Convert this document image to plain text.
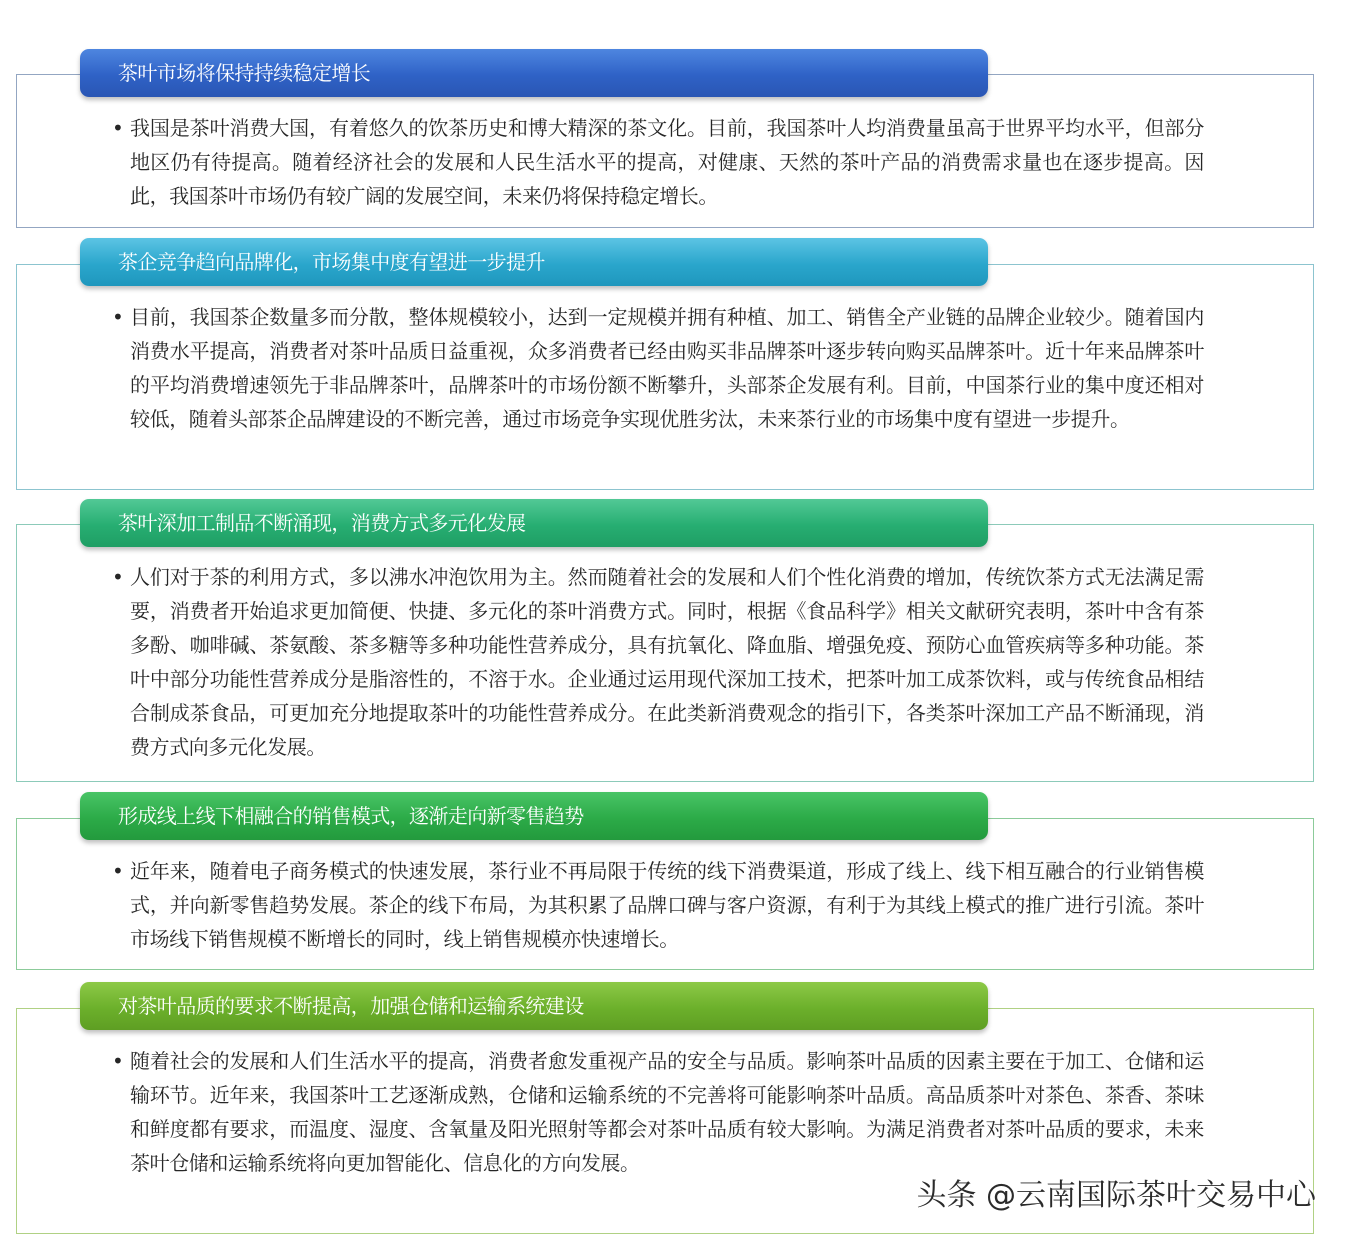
茶叶市场将保持持续稳定增长
• 我国是茶叶消费大国，有着悠久的饮茶历史和博大精深的茶文化。目前，我国茶叶人均消费量虽高于世界平均水平，但部分地区仍有待提高。随着经济社会的发展和人民生活水平的提高，对健康、天然的茶叶产品的消费需求量也在逐步提高。因此，我国茶叶市场仍有较广阔的发展空间，未来仍将保持稳定增长。
茶企竞争趋向品牌化，市场集中度有望进一步提升
• 目前，我国茶企数量多而分散，整体规模较小，达到一定规模并拥有种植、加工、销售全产业链的品牌企业较少。随着国内消费水平提高，消费者对茶叶品质日益重视，众多消费者已经由购买非品牌茶叶逐步转向购买品牌茶叶。近十年来品牌茶叶的平均消费增速领先于非品牌茶叶，品牌茶叶的市场份额不断攀升，头部茶企发展有利。目前，中国茶行业的集中度还相对较低，随着头部茶企品牌建设的不断完善，通过市场竞争实现优胜劣汰，未来茶行业的市场集中度有望进一步提升。
茶叶深加工制品不断涌现，消费方式多元化发展
• 人们对于茶的利用方式，多以沸水冲泡饮用为主。然而随着社会的发展和人们个性化消费的增加，传统饮茶方式无法满足需要，消费者开始追求更加简便、快捷、多元化的茶叶消费方式。同时，根据《食品科学》相关文献研究表明，茶叶中含有茶多酚、咖啡碱、茶氨酸、茶多糖等多种功能性营养成分，具有抗氧化、降血脂、增强免疫、预防心血管疾病等多种功能。茶叶中部分功能性营养成分是脂溶性的，不溶于水。企业通过运用现代深加工技术，把茶叶加工成茶饮料，或与传统食品相结合制成茶食品，可更加充分地提取茶叶的功能性营养成分。在此类新消费观念的指引下，各类茶叶深加工产品不断涌现，消费方式向多元化发展。
形成线上线下相融合的销售模式，逐渐走向新零售趋势
• 近年来，随着电子商务模式的快速发展，茶行业不再局限于传统的线下消费渠道，形成了线上、线下相互融合的行业销售模式，并向新零售趋势发展。茶企的线下布局，为其积累了品牌口碑与客户资源，有利于为其线上模式的推广进行引流。茶叶市场线下销售规模不断增长的同时，线上销售规模亦快速增长。
对茶叶品质的要求不断提高，加强仓储和运输系统建设
• 随着社会的发展和人们生活水平的提高，消费者愈发重视产品的安全与品质。影响茶叶品质的因素主要在于加工、仓储和运输环节。近年来，我国茶叶工艺逐渐成熟，仓储和运输系统的不完善将可能影响茶叶品质。高品质茶叶对茶色、茶香、茶味和鲜度都有要求，而温度、湿度、含氧量及阳光照射等都会对茶叶品质有较大影响。为满足消费者对茶叶品质的要求，未来茶叶仓储和运输系统将向更加智能化、信息化的方向发展。
头条 @云南国际茶叶交易中心
